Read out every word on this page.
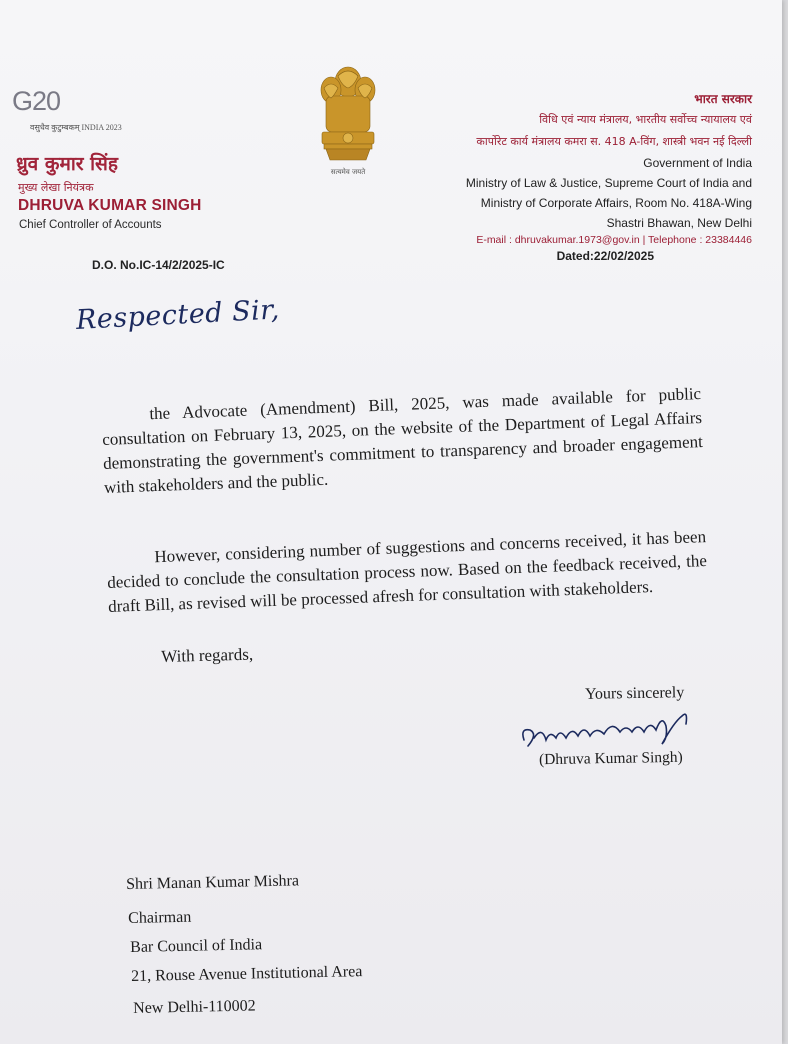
G20
वसुधैव कुटुम्बकम् INDIA 2023
ध्रुव कुमार सिंह
मुख्य लेखा नियंत्रक
DHRUVA KUMAR SINGH
Chief Controller of Accounts
D.O. No.IC-14/2/2025-IC
सत्यमेव जयते
भारत सरकार
विधि एवं न्याय मंत्रालय, भारतीय सर्वोच्च न्यायालय एवं
कार्पोरेट कार्य मंत्रालय कमरा स. 418 A-विंग, शास्त्री भवन नई दिल्ली
Government of India
Ministry of Law & Justice, Supreme Court of India and
Ministry of Corporate Affairs, Room No. 418A-Wing
Shastri Bhawan, New Delhi
E-mail : dhruvakumar.1973@gov.in | Telephone : 23384446
Dated:22/02/2025
Respected Sir,
the Advocate (Amendment) Bill, 2025, was made available for public consultation on February 13, 2025, on the website of the Department of Legal Affairs demonstrating the government's commitment to transparency and broader engagement with stakeholders and the public.
However, considering number of suggestions and concerns received, it has been decided to conclude the consultation process now. Based on the feedback received, the draft Bill, as revised will be processed afresh for consultation with stakeholders.
With regards,
Yours sincerely
(Dhruva Kumar Singh)
Shri Manan Kumar Mishra
Chairman
Bar Council of India
21, Rouse Avenue Institutional Area
New Delhi-110002
